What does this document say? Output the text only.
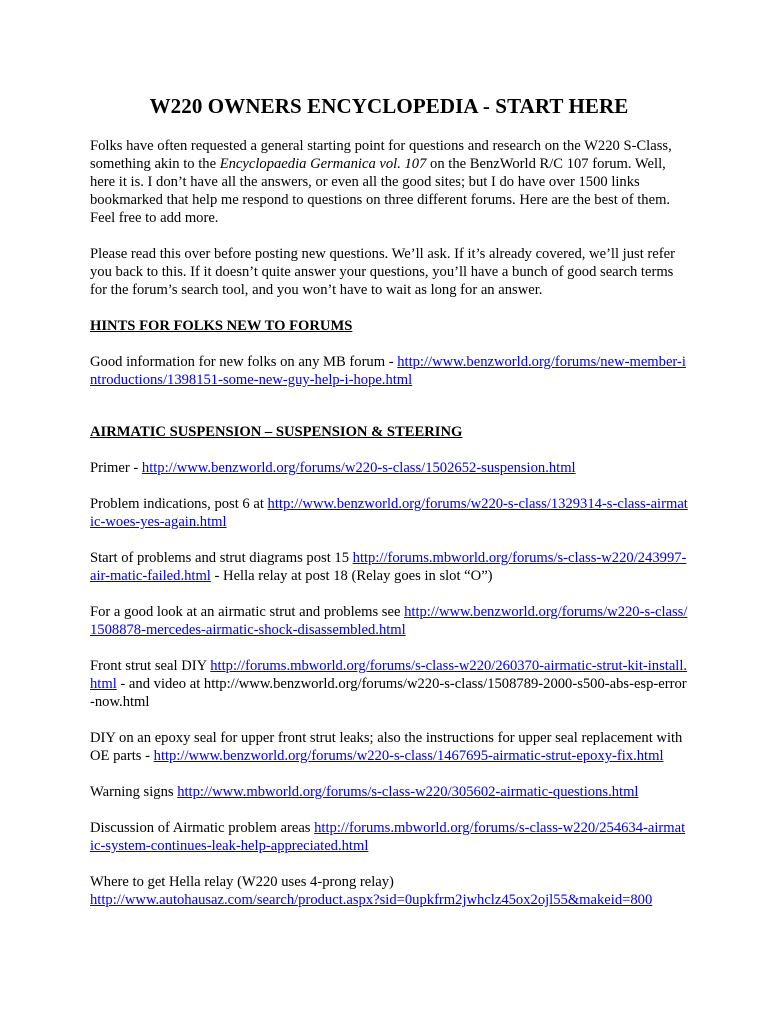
W220 OWNERS ENCYCLOPEDIA - START HERE

Folks have often requested a general starting point for questions and research on the W220 S-Class, something akin to the Encyclopaedia Germanica vol. 107 on the BenzWorld R/C 107 forum. Well, here it is. I don’t have all the answers, or even all the good sites; but I do have over 1500 links bookmarked that help me respond to questions on three different forums. Here are the best of them. Feel free to add more.

Please read this over before posting new questions. We’ll ask. If it’s already covered, we’ll just refer you back to this. If it doesn’t quite answer your questions, you’ll have a bunch of good search terms for the forum’s search tool, and you won’t have to wait as long for an answer.

HINTS FOR FOLKS NEW TO FORUMS

Good information for new folks on any MB forum - http://www.benzworld.org/forums/new-member-introductions/1398151-some-new-guy-help-i-hope.html

AIRMATIC SUSPENSION – SUSPENSION & STEERING

Primer - http://www.benzworld.org/forums/w220-s-class/1502652-suspension.html

Problem indications, post 6 at http://www.benzworld.org/forums/w220-s-class/1329314-s-class-airmatic-woes-yes-again.html

Start of problems and strut diagrams post 15 http://forums.mbworld.org/forums/s-class-w220/243997-air-matic-failed.html - Hella relay at post 18 (Relay goes in slot “O”)

For a good look at an airmatic strut and problems see http://www.benzworld.org/forums/w220-s-class/1508878-mercedes-airmatic-shock-disassembled.html

Front strut seal DIY http://forums.mbworld.org/forums/s-class-w220/260370-airmatic-strut-kit-install.html - and video at http://www.benzworld.org/forums/w220-s-class/1508789-2000-s500-abs-esp-error-now.html

DIY on an epoxy seal for upper front strut leaks; also the instructions for upper seal replacement with OE parts - http://www.benzworld.org/forums/w220-s-class/1467695-airmatic-strut-epoxy-fix.html

Warning signs http://www.mbworld.org/forums/s-class-w220/305602-airmatic-questions.html

Discussion of Airmatic problem areas http://forums.mbworld.org/forums/s-class-w220/254634-airmatic-system-continues-leak-help-appreciated.html

Where to get Hella relay (W220 uses 4-prong relay)
http://www.autohausaz.com/search/product.aspx?sid=0upkfrm2jwhclz45ox2ojl55&makeid=800
